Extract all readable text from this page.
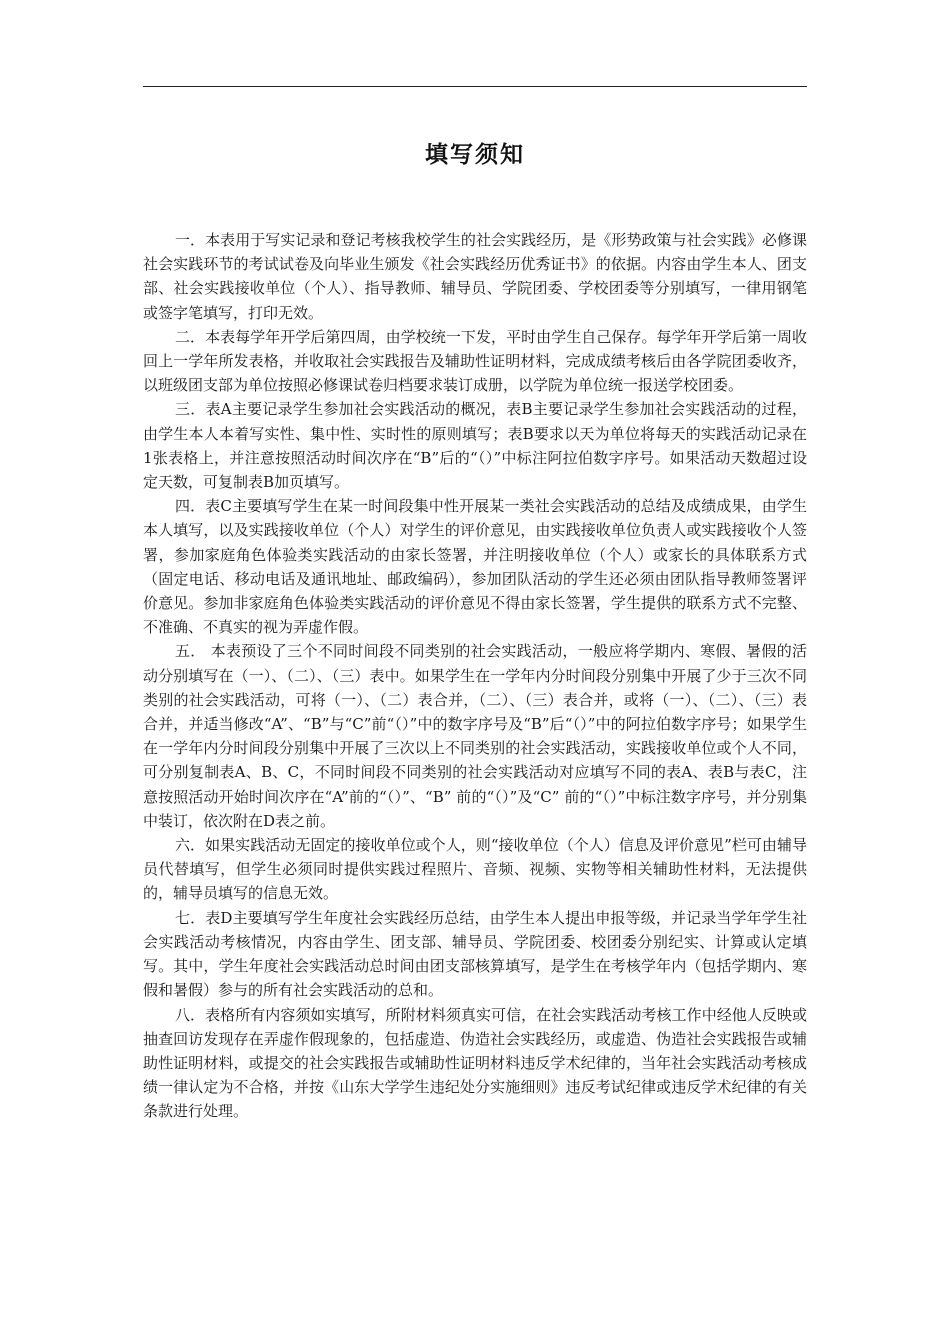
填写须知

一．本表用于写实记录和登记考核我校学生的社会实践经历，是《形势政策与社会实践》必修课社会实践环节的考试试卷及向毕业生颁发《社会实践经历优秀证书》的依据。内容由学生本人、团支部、社会实践接收单位（个人）、指导教师、辅导员、学院团委、学校团委等分别填写，一律用钢笔或签字笔填写，打印无效。

二．本表每学年开学后第四周，由学校统一下发，平时由学生自己保存。每学年开学后第一周收回上一学年所发表格，并收取社会实践报告及辅助性证明材料，完成成绩考核后由各学院团委收齐，以班级团支部为单位按照必修课试卷归档要求装订成册，以学院为单位统一报送学校团委。

三．表A主要记录学生参加社会实践活动的概况，表B主要记录学生参加社会实践活动的过程，由学生本人本着写实性、集中性、实时性的原则填写；表B要求以天为单位将每天的实践活动记录在1张表格上，并注意按照活动时间次序在“B”后的“（）”中标注阿拉伯数字序号。如果活动天数超过设定天数，可复制表B加页填写。

四．表C主要填写学生在某一时间段集中性开展某一类社会实践活动的总结及成绩成果，由学生本人填写，以及实践接收单位（个人）对学生的评价意见，由实践接收单位负责人或实践接收个人签署，参加家庭角色体验类实践活动的由家长签署，并注明接收单位（个人）或家长的具体联系方式（固定电话、移动电话及通讯地址、邮政编码），参加团队活动的学生还必须由团队指导教师签署评价意见。参加非家庭角色体验类实践活动的评价意见不得由家长签署，学生提供的联系方式不完整、不准确、不真实的视为弄虚作假。

五． 本表预设了三个不同时间段不同类别的社会实践活动，一般应将学期内、寒假、暑假的活动分别填写在（一）、（二）、（三）表中。如果学生在一学年内分时间段分别集中开展了少于三次不同类别的社会实践活动，可将（一）、（二）表合并，（二）、（三）表合并，或将（一）、（二）、（三）表合并，并适当修改“A”、“B”与“C”前“（）”中的数字序号及“B”后“（）”中的阿拉伯数字序号；如果学生在一学年内分时间段分别集中开展了三次以上不同类别的社会实践活动，实践接收单位或个人不同，可分别复制表A、B、C，不同时间段不同类别的社会实践活动对应填写不同的表A、表B与表C，注意按照活动开始时间次序在“A”前的“（）”、“B” 前的“（）”及“C” 前的“（）”中标注数字序号，并分别集中装订，依次附在D表之前。

六．如果实践活动无固定的接收单位或个人，则“接收单位（个人）信息及评价意见”栏可由辅导员代替填写，但学生必须同时提供实践过程照片、音频、视频、实物等相关辅助性材料，无法提供的，辅导员填写的信息无效。

七．表D主要填写学生年度社会实践经历总结，由学生本人提出申报等级，并记录当学年学生社会实践活动考核情况，内容由学生、团支部、辅导员、学院团委、校团委分别纪实、计算或认定填写。其中，学生年度社会实践活动总时间由团支部核算填写，是学生在考核学年内（包括学期内、寒假和暑假）参与的所有社会实践活动的总和。

八．表格所有内容须如实填写，所附材料须真实可信，在社会实践活动考核工作中经他人反映或抽查回访发现存在弄虚作假现象的，包括虚造、伪造社会实践经历，或虚造、伪造社会实践报告或辅助性证明材料，或提交的社会实践报告或辅助性证明材料违反学术纪律的，当年社会实践活动考核成绩一律认定为不合格，并按《山东大学学生违纪处分实施细则》违反考试纪律或违反学术纪律的有关条款进行处理。
